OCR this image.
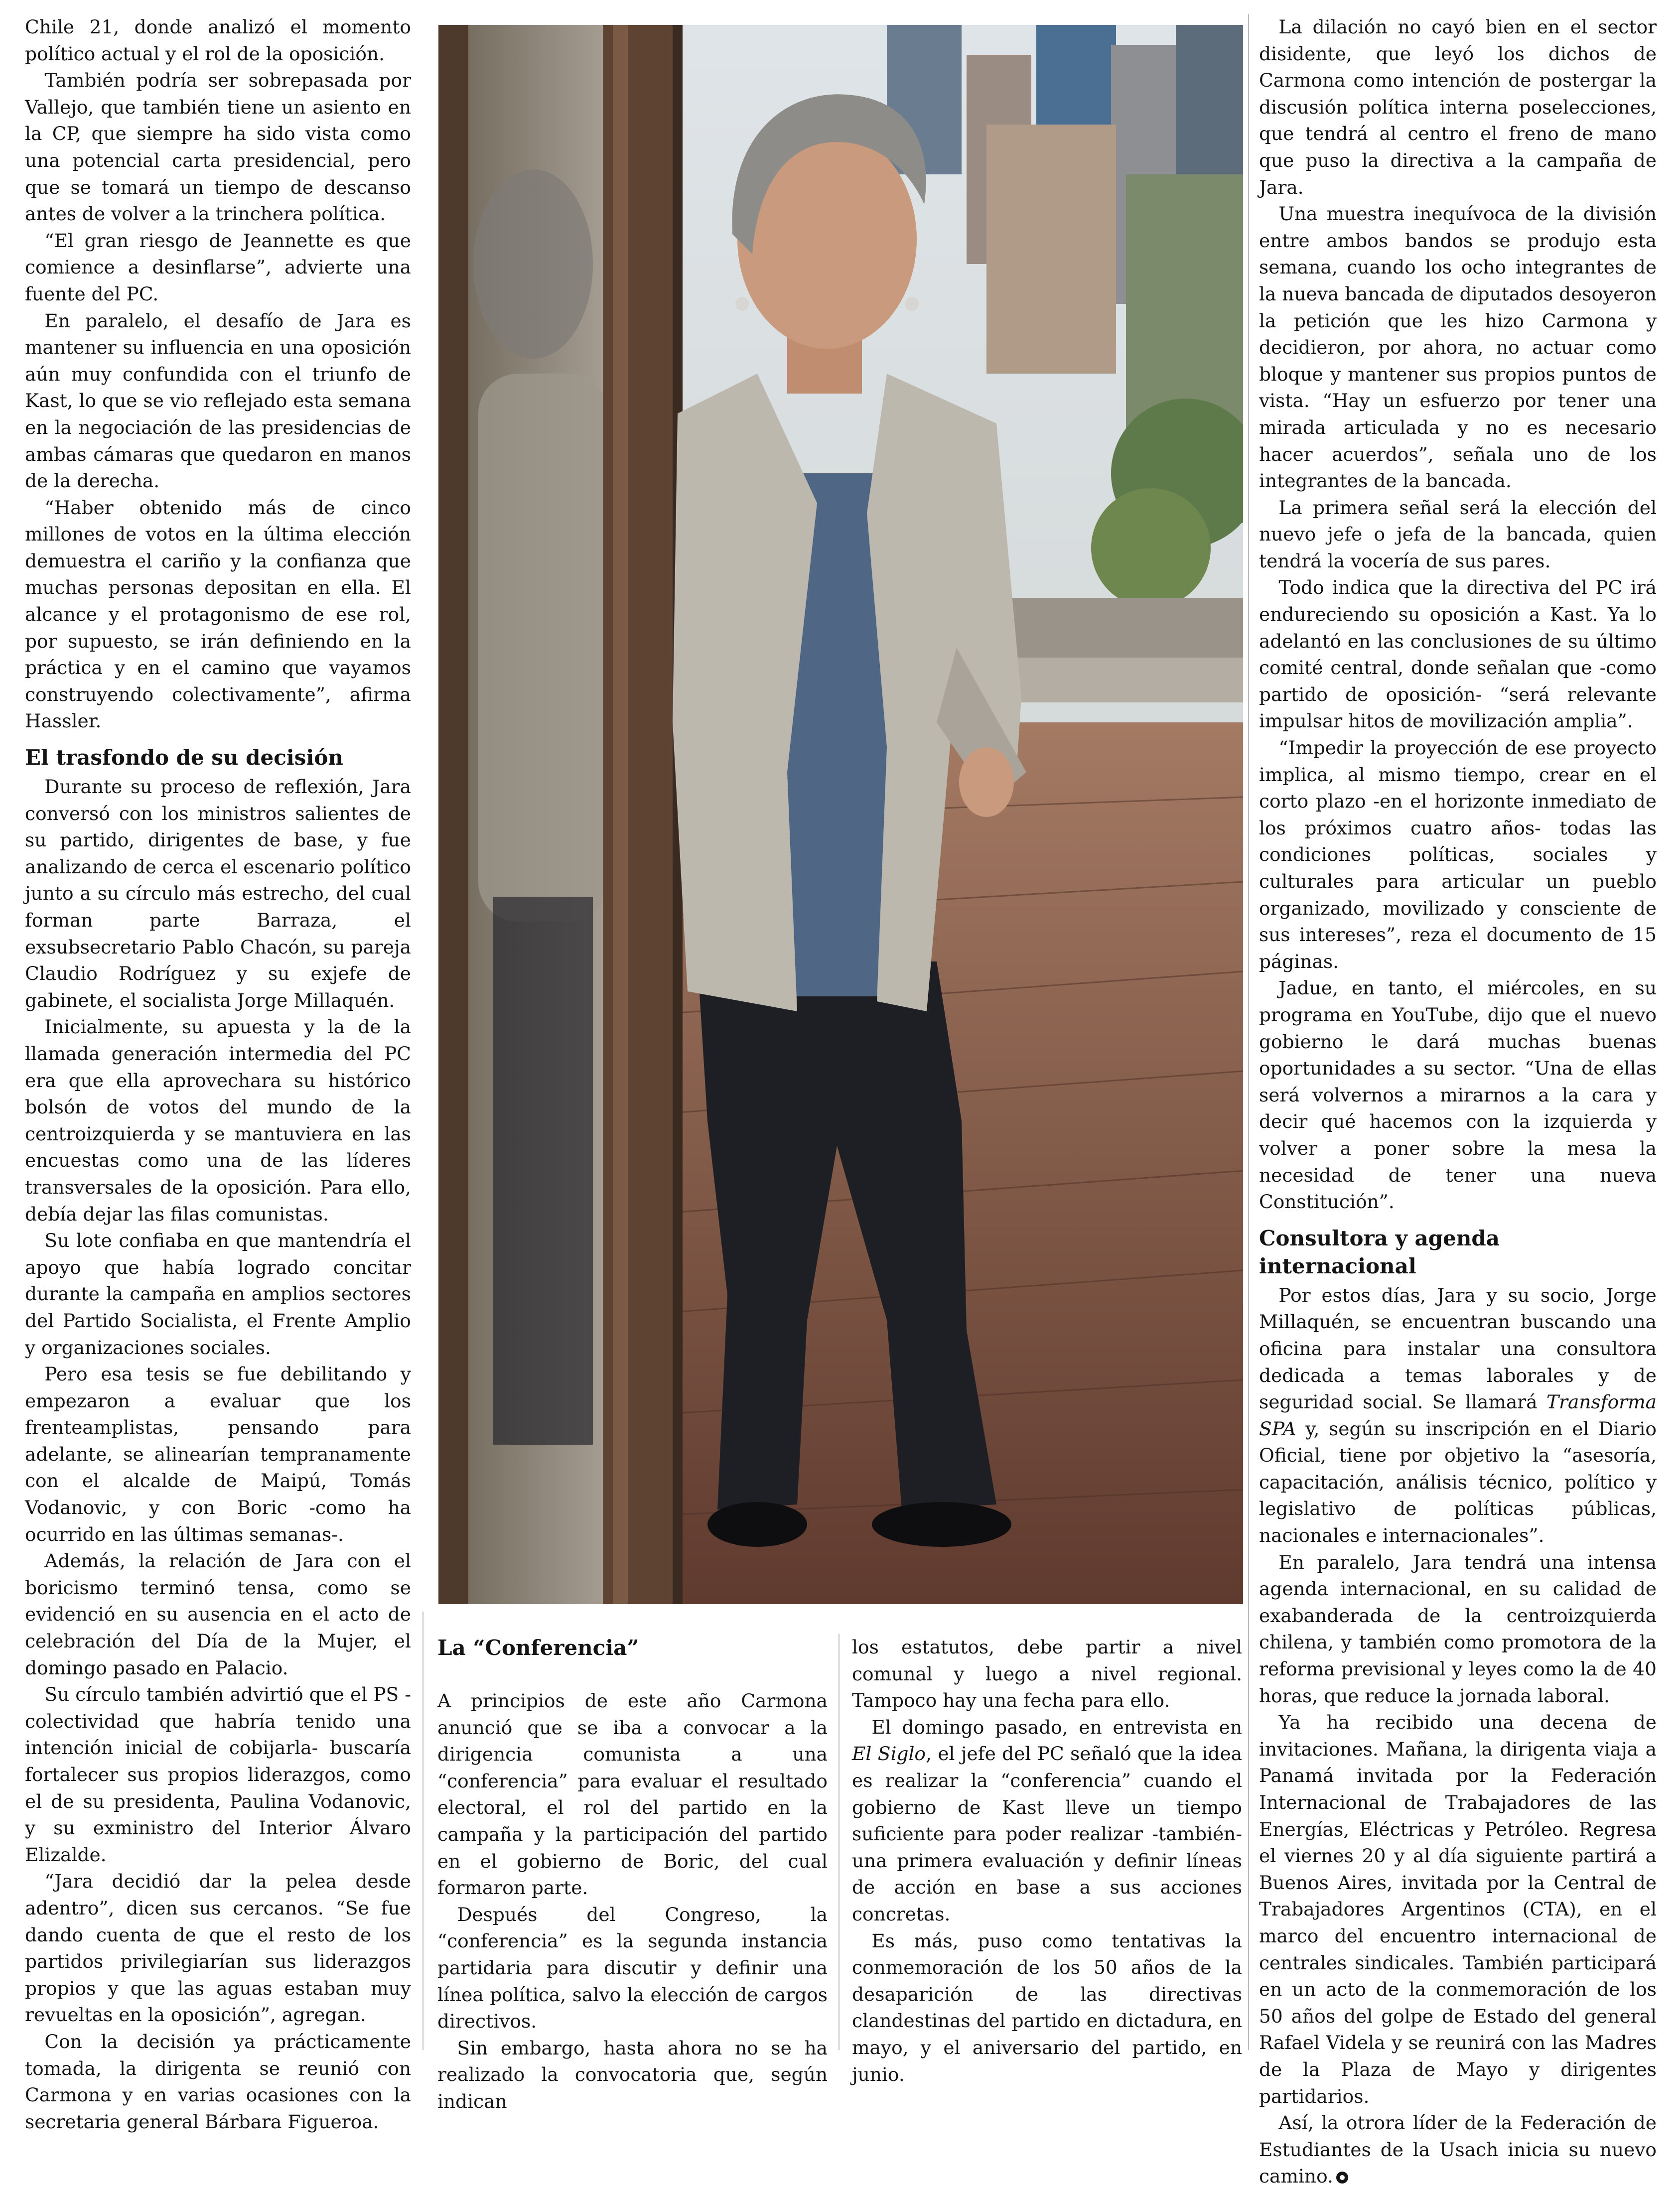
Chile 21, donde analizó el momento político actual y el rol de la oposición.

También podría ser sobrepasada por Vallejo, que también tiene un asiento en la CP, que siempre ha sido vista como una potencial carta presidencial, pero que se tomará un tiempo de descanso antes de volver a la trinchera política.

“El gran riesgo de Jeannette es que comience a desinflarse”, advierte una fuente del PC.

En paralelo, el desafío de Jara es mantener su influencia en una oposición aún muy confundida con el triunfo de Kast, lo que se vio reflejado esta semana en la negociación de las presidencias de ambas cámaras que quedaron en manos de la derecha.

“Haber obtenido más de cinco millones de votos en la última elección demuestra el cariño y la confianza que muchas personas depositan en ella. El alcance y el protagonismo de ese rol, por supuesto, se irán definiendo en la práctica y en el camino que vayamos construyendo colectivamente”, afirma Hassler.

El trasfondo de su decisión

Durante su proceso de reflexión, Jara conversó con los ministros salientes de su partido, dirigentes de base, y fue analizando de cerca el escenario político junto a su círculo más estrecho, del cual forman parte Barraza, el exsubsecretario Pablo Chacón, su pareja Claudio Rodríguez y su exjefe de gabinete, el socialista Jorge Millaquén.

Inicialmente, su apuesta y la de la llamada generación intermedia del PC era que ella aprovechara su histórico bolsón de votos del mundo de la centroizquierda y se mantuviera en las encuestas como una de las líderes transversales de la oposición. Para ello, debía dejar las filas comunistas.

Su lote confiaba en que mantendría el apoyo que había logrado concitar durante la campaña en amplios sectores del Partido Socialista, el Frente Amplio y organizaciones sociales.

Pero esa tesis se fue debilitando y empezaron a evaluar que los frenteamplistas, pensando para adelante, se alinearían tempranamente con el alcalde de Maipú, Tomás Vodanovic, y con Boric -como ha ocurrido en las últimas semanas-.

Además, la relación de Jara con el boricismo terminó tensa, como se evidenció en su ausencia en el acto de celebración del Día de la Mujer, el domingo pasado en Palacio.

Su círculo también advirtió que el PS -colectividad que habría tenido una intención inicial de cobijarla- buscaría fortalecer sus propios liderazgos, como el de su presidenta, Paulina Vodanovic, y su exministro del Interior Álvaro Elizalde.

“Jara decidió dar la pelea desde adentro”, dicen sus cercanos. “Se fue dando cuenta de que el resto de los partidos privilegiarían sus liderazgos propios y que las aguas estaban muy revueltas en la oposición”, agregan.

Con la decisión ya prácticamente tomada, la dirigenta se reunió con Carmona y en varias ocasiones con la secretaria general Bárbara Figueroa.

La “Conferencia”

A principios de este año Carmona anunció que se iba a convocar a la dirigencia comunista a una “conferencia” para evaluar el resultado electoral, el rol del partido en la campaña y la participación del partido en el gobierno de Boric, del cual formaron parte.

Después del Congreso, la “conferencia” es la segunda instancia partidaria para discutir y definir una línea política, salvo la elección de cargos directivos.

Sin embargo, hasta ahora no se ha realizado la convocatoria que, según indican

los estatutos, debe partir a nivel comunal y luego a nivel regional. Tampoco hay una fecha para ello.

El domingo pasado, en entrevista en El Siglo, el jefe del PC señaló que la idea es realizar la “conferencia” cuando el gobierno de Kast lleve un tiempo suficiente para poder realizar -también- una primera evaluación y definir líneas de acción en base a sus acciones concretas.

Es más, puso como tentativas la conmemoración de los 50 años de la desaparición de las directivas clandestinas del partido en dictadura, en mayo, y el aniversario del partido, en junio.

La dilación no cayó bien en el sector disidente, que leyó los dichos de Carmona como intención de postergar la discusión política interna poselecciones, que tendrá al centro el freno de mano que puso la directiva a la campaña de Jara.

Una muestra inequívoca de la división entre ambos bandos se produjo esta semana, cuando los ocho integrantes de la nueva bancada de diputados desoyeron la petición que les hizo Carmona y decidieron, por ahora, no actuar como bloque y mantener sus propios puntos de vista. “Hay un esfuerzo por tener una mirada articulada y no es necesario hacer acuerdos”, señala uno de los integrantes de la bancada.

La primera señal será la elección del nuevo jefe o jefa de la bancada, quien tendrá la vocería de sus pares.

Todo indica que la directiva del PC irá endureciendo su oposición a Kast. Ya lo adelantó en las conclusiones de su último comité central, donde señalan que -como partido de oposición- “será relevante impulsar hitos de movilización amplia”.

“Impedir la proyección de ese proyecto implica, al mismo tiempo, crear en el corto plazo -en el horizonte inmediato de los próximos cuatro años- todas las condiciones políticas, sociales y culturales para articular un pueblo organizado, movilizado y consciente de sus intereses”, reza el documento de 15 páginas.

Jadue, en tanto, el miércoles, en su programa en YouTube, dijo que el nuevo gobierno le dará muchas buenas oportunidades a su sector. “Una de ellas será volvernos a mirarnos a la cara y decir qué hacemos con la izquierda y volver a poner sobre la mesa la necesidad de tener una nueva Constitución”.

Consultora y agenda internacional

Por estos días, Jara y su socio, Jorge Millaquén, se encuentran buscando una oficina para instalar una consultora dedicada a temas laborales y de seguridad social. Se llamará Transforma SPA y, según su inscripción en el Diario Oficial, tiene por objetivo la “asesoría, capacitación, análisis técnico, político y legislativo de políticas públicas, nacionales e internacionales”.

En paralelo, Jara tendrá una intensa agenda internacional, en su calidad de exabanderada de la centroizquierda chilena, y también como promotora de la reforma previsional y leyes como la de 40 horas, que reduce la jornada laboral.

Ya ha recibido una decena de invitaciones. Mañana, la dirigenta viaja a Panamá invitada por la Federación Internacional de Trabajadores de las Energías, Eléctricas y Petróleo. Regresa el viernes 20 y al día siguiente partirá a Buenos Aires, invitada por la Central de Trabajadores Argentinos (CTA), en el marco del encuentro internacional de centrales sindicales. También participará en un acto de la conmemoración de los 50 años del golpe de Estado del general Rafael Videla y se reunirá con las Madres de la Plaza de Mayo y dirigentes partidarios.

Así, la otrora líder de la Federación de Estudiantes de la Usach inicia su nuevo camino.
